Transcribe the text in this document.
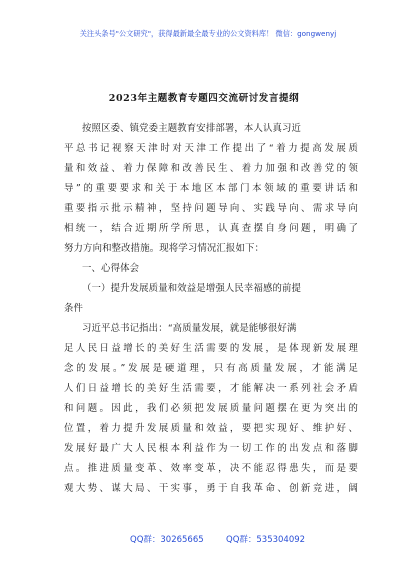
关注头条号"公文研究"，获得最新最全最专业的公文资料库！ 微信：gongwenyj
2023年主题教育专题四交流研讨发言提纲
按照区委、镇党委主题教育安排部署，本人认真习近
平总书记视察天津时对天津工作提出了“着力提高发展质
量和效益、着力保障和改善民生、着力加强和改善党的领
导”的重要要求和关于本地区本部门本领域的重要讲话和
重要指示批示精神，坚持问题导向、实践导向、需求导向
相统一，结合近期所学所思，认真查摆自身问题，明确了
努力方向和整改措施。现将学习情况汇报如下：
一、心得体会
（一）提升发展质量和效益是增强人民幸福感的前提
条件
习近平总书记指出：“高质量发展，就是能够很好满
足人民日益增长的美好生活需要的发展，是体现新发展理
念的发展。”发展是硬道理，只有高质量发展，才能满足
人们日益增长的美好生活需要，才能解决一系列社会矛盾
和问题。因此，我们必须把发展质量问题摆在更为突出的
位置，着力提升发展质量和效益，要把实现好、维护好、
发展好最广大人民根本利益作为一切工作的出发点和落脚
点。推进质量变革、效率变革，决不能忍得患失，而是要
观大势、谋大局、干实事，勇于自我革命、创新竞进，阔
QQ群：30265665	QQ群：535304092
